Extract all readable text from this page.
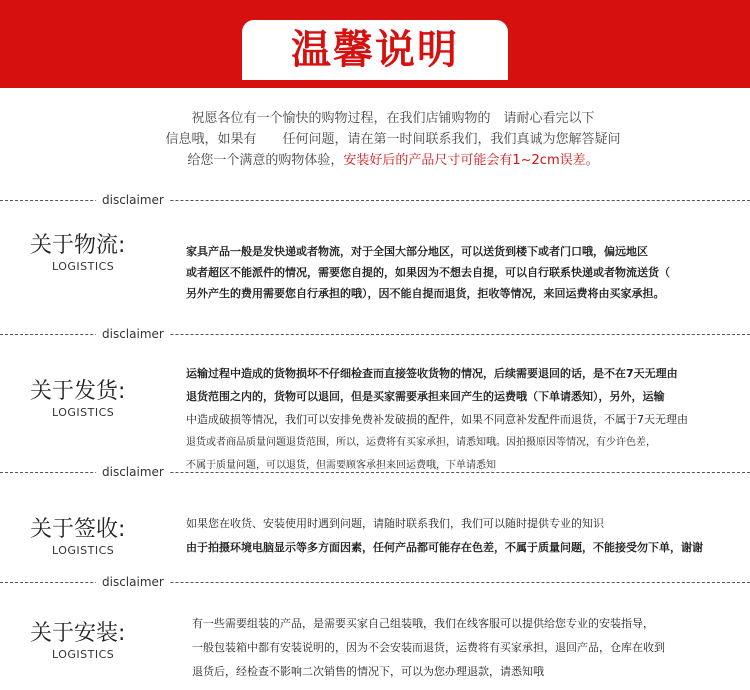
温馨说明
祝愿各位有一个愉快的购物过程，在我们店铺购物的　请耐心看完以下
信息哦，如果有　　任何问题，请在第一时间联系我们，我们真诚为您解答疑问
给您一个满意的购物体验，安装好后的产品尺寸可能会有1~2cm误差。
disclaimer
关于物流:
LOGISTICS

家具产品一般是发快递或者物流，对于全国大部分地区，可以送货到楼下或者门口哦，偏远地区

或者超区不能派件的情况，需要您自提的，如果因为不想去自提，可以自行联系快递或者物流送货（

另外产生的费用需要您自行承担的哦），因不能自提而退货，拒收等情况，来回运费将由买家承担。

disclaimer
关于发货:
LOGISTICS

运输过程中造成的货物损坏不仔细检查而直接签收货物的情况，后续需要退回的话，是不在7天无理由

退货范围之内的，货物可以退回，但是买家需要承担来回产生的运费哦（下单请悉知），另外，运输

中造成破损等情况，我们可以安排免费补发破损的配件，如果不同意补发配件而退货，不属于7天无理由

退货或者商品质量问题退货范围，所以，运费将有买家承担，请悉知哦。因拍摄原因等情况，有少许色差，

不属于质量问题，可以退货，但需要顾客承担来回运费哦，下单请悉知

disclaimer
关于签收:
LOGISTICS

如果您在收货、安装使用时遇到问题，请随时联系我们，我们可以随时提供专业的知识

由于拍摄环境电脑显示等多方面因素，任何产品都可能存在色差，不属于质量问题，不能接受勿下单，谢谢

disclaimer
关于安装:
LOGISTICS

有一些需要组装的产品，是需要买家自己组装哦，我们在线客服可以提供给您专业的安装指导，

一般包装箱中都有安装说明的，因为不会安装而退货，运费将有买家承担，退回产品，仓库在收到

退货后，经检查不影响二次销售的情况下，可以为您办理退款，请悉知哦
